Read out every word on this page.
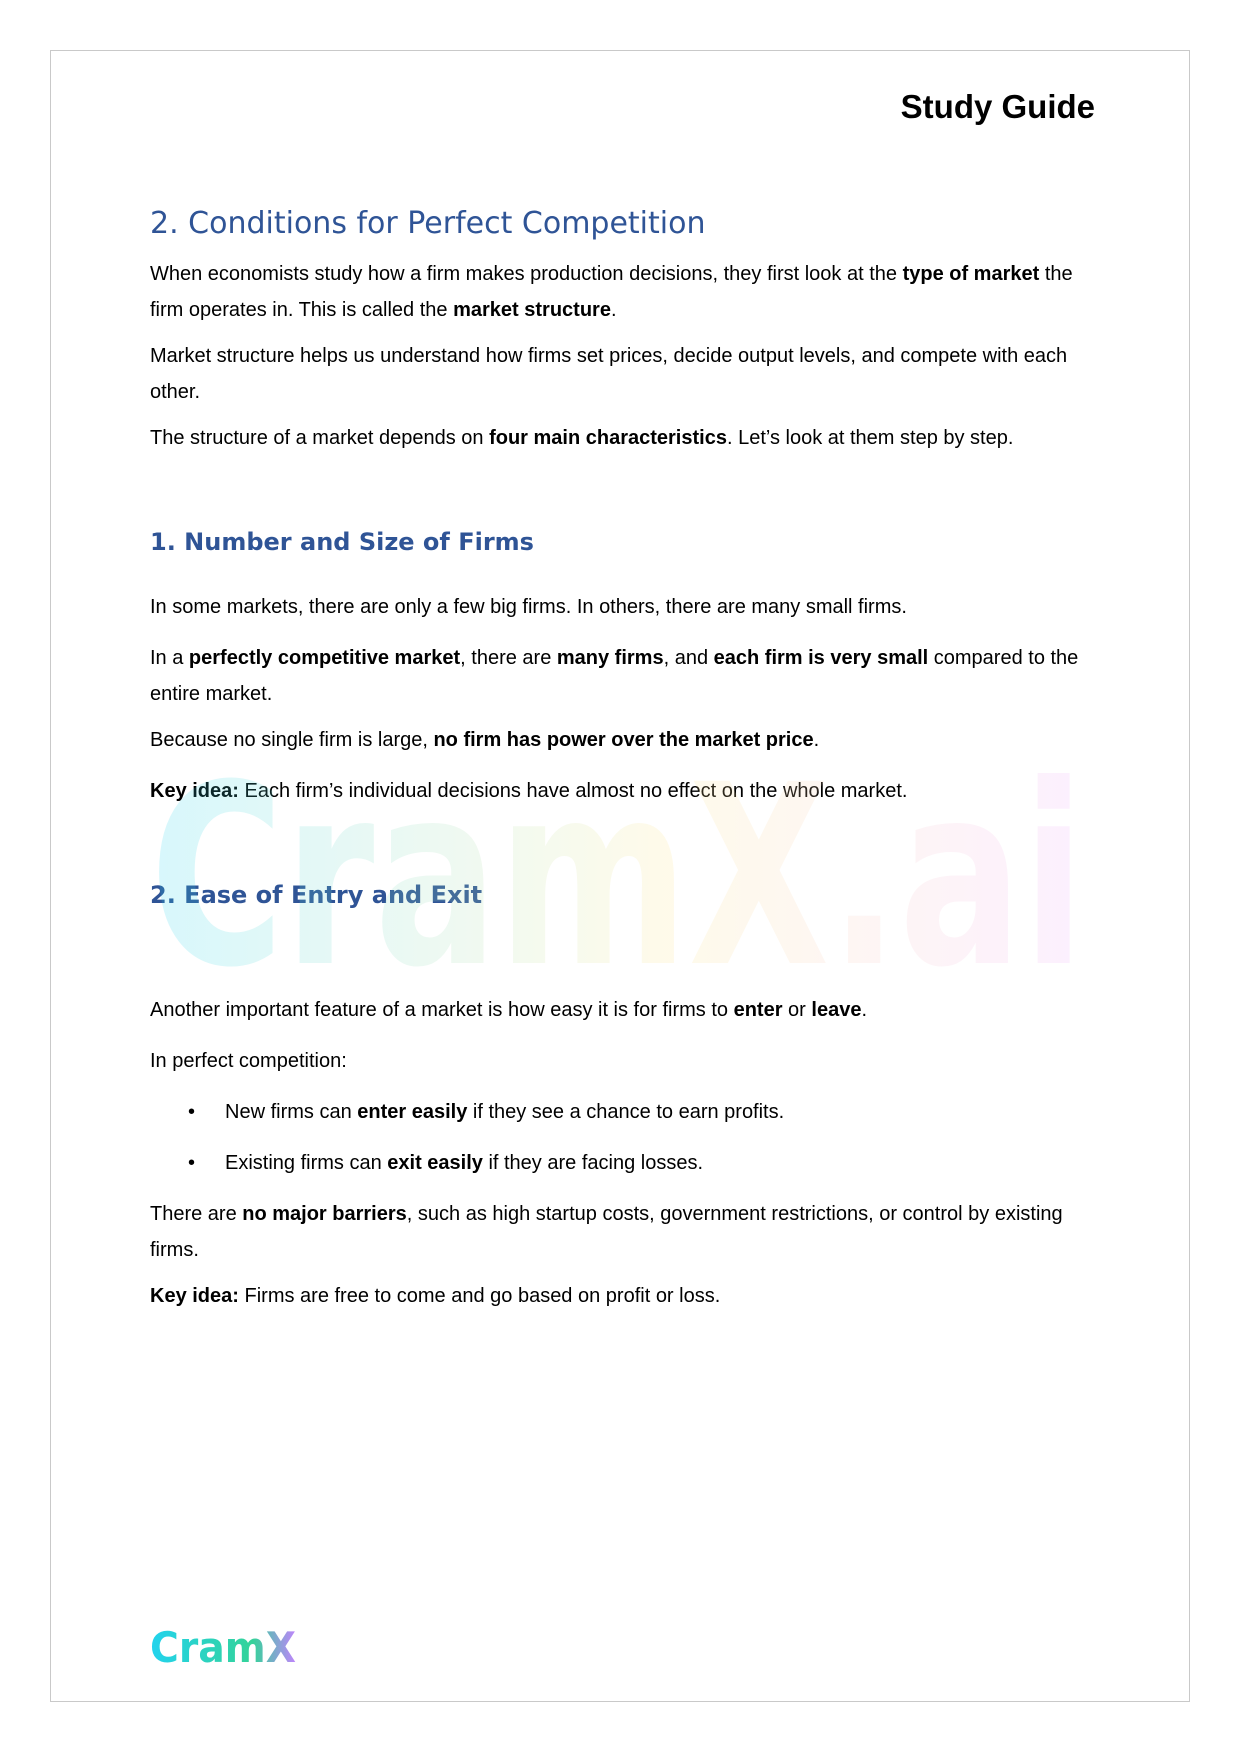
Study Guide
2. Conditions for Perfect Competition

When economists study how a firm makes production decisions, they first look at the type of market the firm operates in. This is called the market structure.

Market structure helps us understand how firms set prices, decide output levels, and compete with each other.

The structure of a market depends on four main characteristics. Let’s look at them step by step.

1. Number and Size of Firms

In some markets, there are only a few big firms. In others, there are many small firms.

In a perfectly competitive market, there are many firms, and each firm is very small compared to the entire market.

Because no single firm is large, no firm has power over the market price.

Key idea: Each firm’s individual decisions have almost no effect on the whole market.

2. Ease of Entry and Exit

Another important feature of a market is how easy it is for firms to enter or leave.

In perfect competition:

• New firms can enter easily if they see a chance to earn profits.

• Existing firms can exit easily if they are facing losses.

There are no major barriers, such as high startup costs, government restrictions, or control by existing firms.

Key idea: Firms are free to come and go based on profit or loss.

CramX.ai
CramX
